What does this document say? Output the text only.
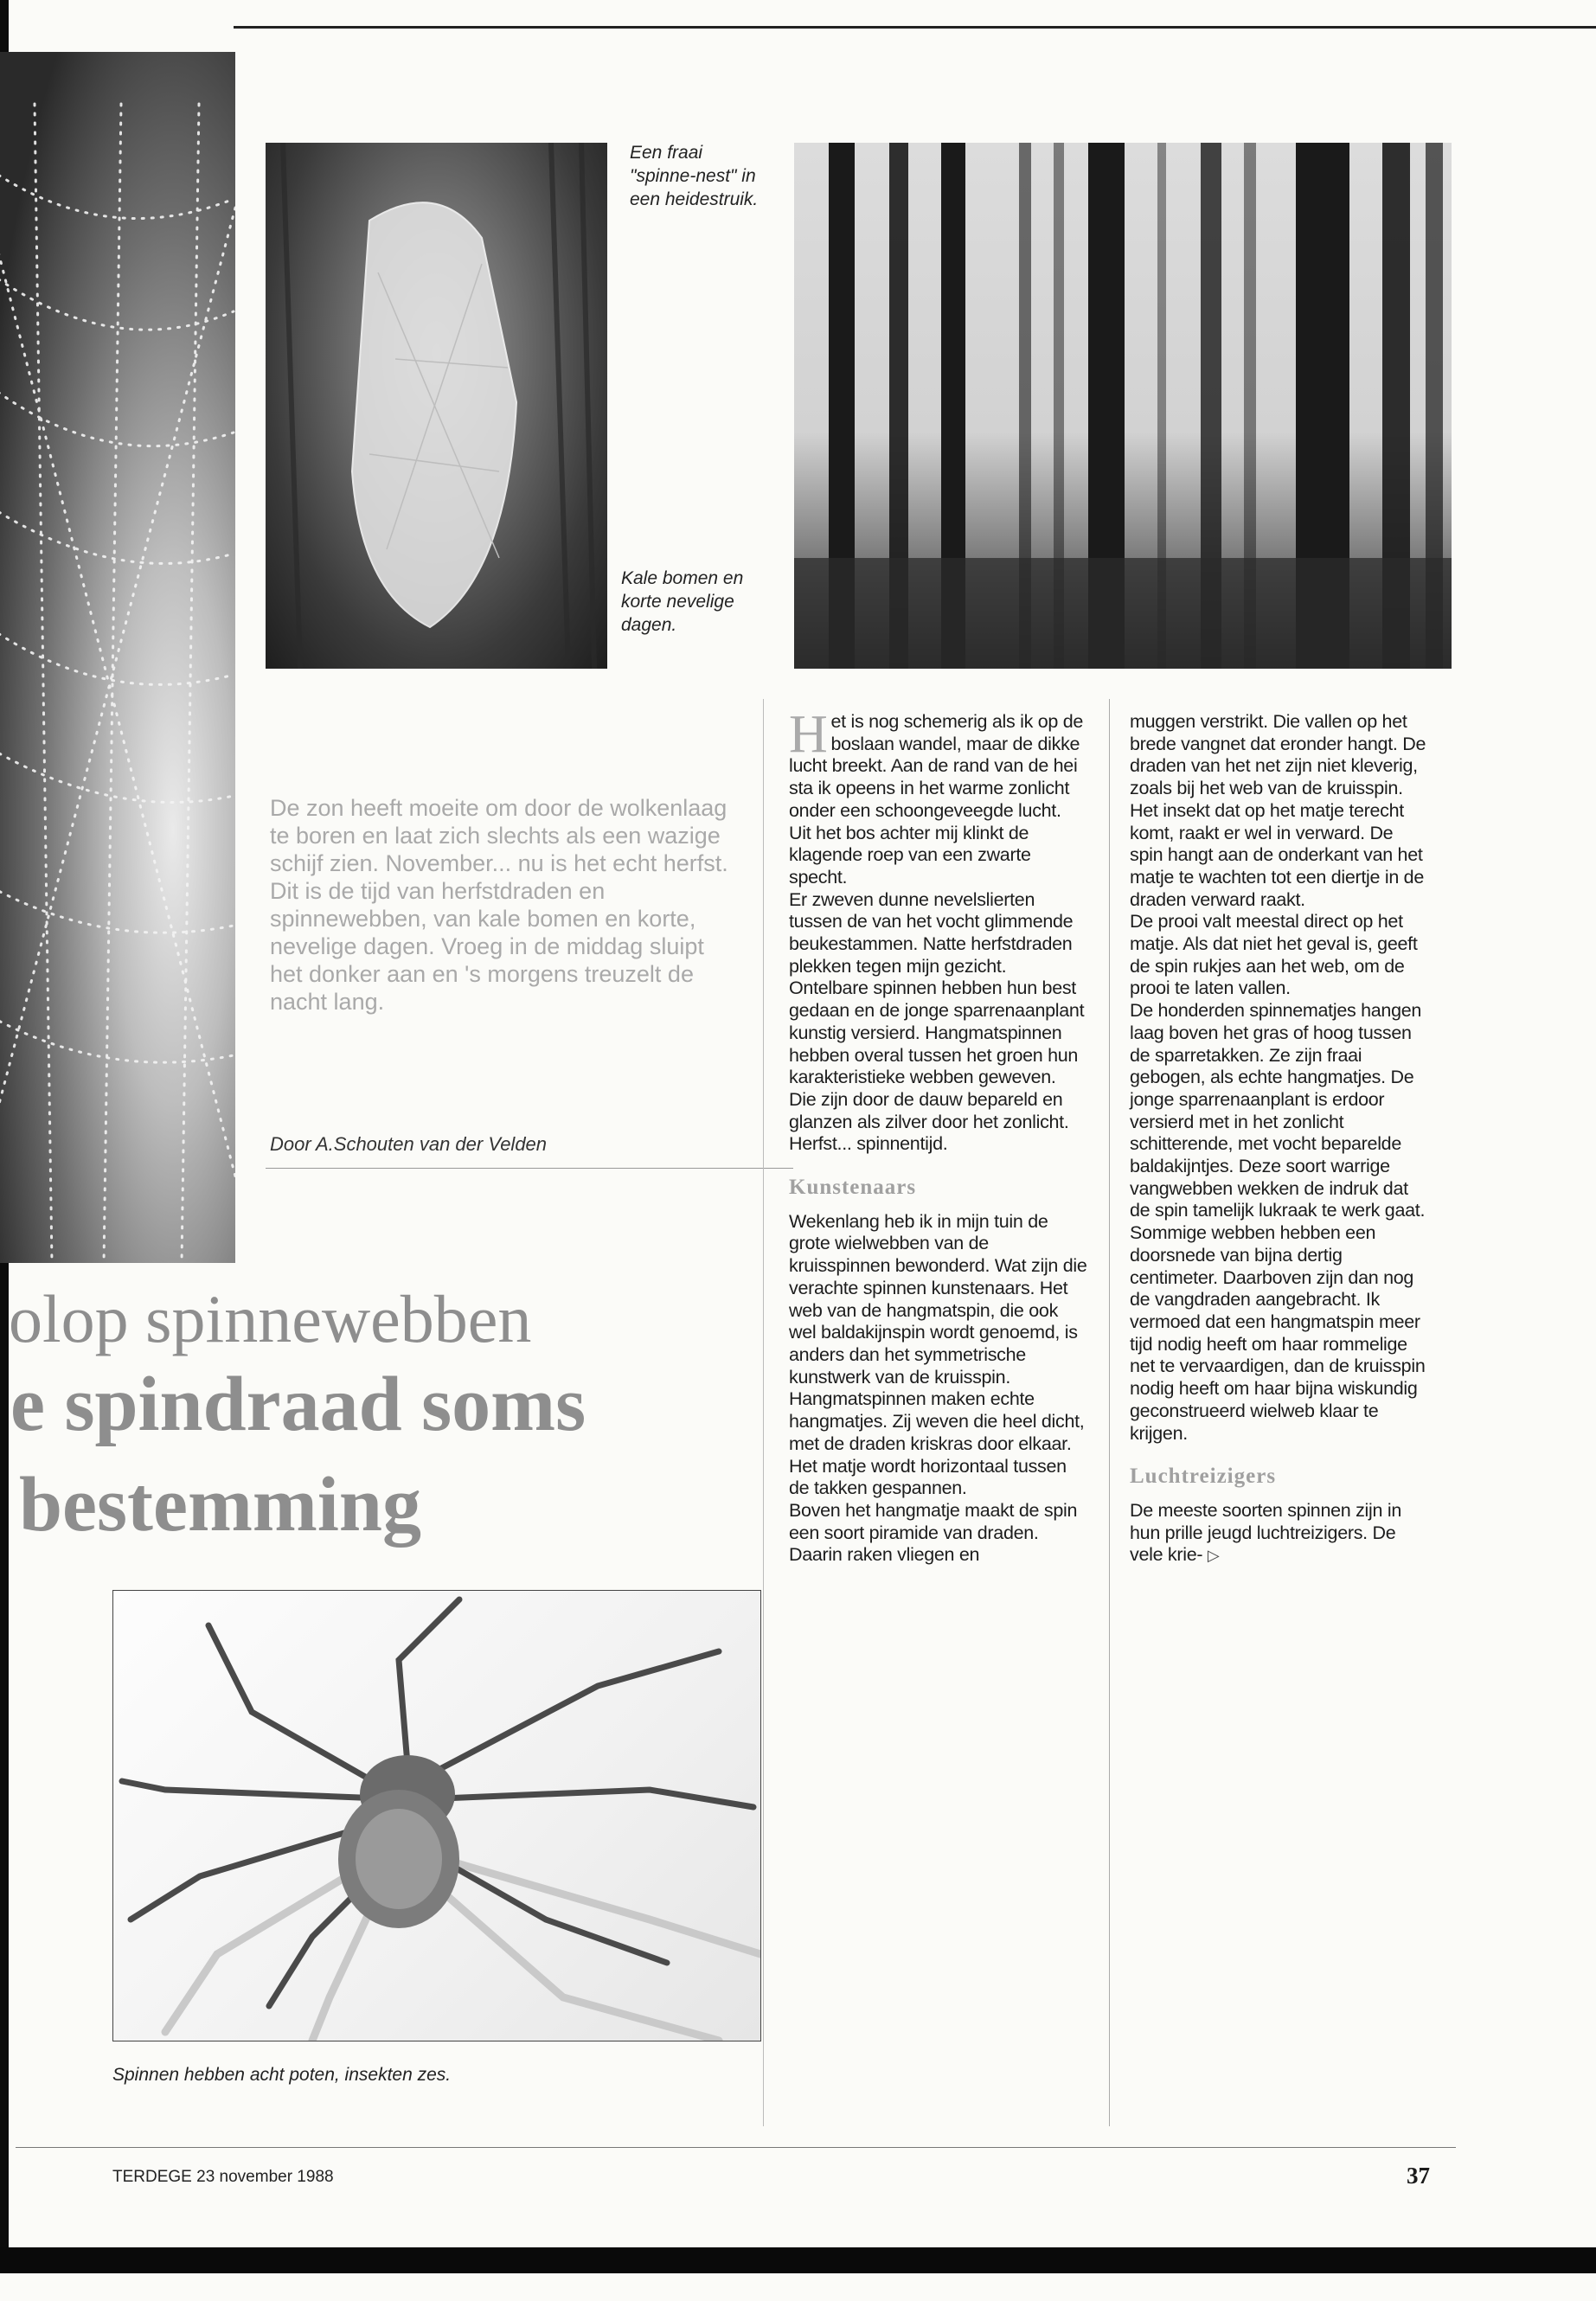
Een fraai "spinne-nest" in een heidestruik.
Kale bomen en korte nevelige dagen.
De zon heeft moeite om door de wolkenlaag te boren en laat zich slechts als een wazige schijf zien. November... nu is het echt herfst. Dit is de tijd van herfstdraden en spinnewebben, van kale bomen en korte, nevelige dagen. Vroeg in de middag sluipt het donker aan en 's morgens treuzelt de nacht lang.
Door A.Schouten van der Velden
olop spinnewebben
e spindraad soms
bestemming
Spinnen hebben acht poten, insekten zes.

Het is nog schemerig als ik op de boslaan wandel, maar de dikke lucht breekt. Aan de rand van de hei sta ik opeens in het warme zonlicht onder een schoongeveegde lucht. Uit het bos achter mij klinkt de klagende roep van een zwarte specht.

Er zweven dunne nevelslierten tussen de van het vocht glimmende beukestammen. Natte herfstdraden plekken tegen mijn gezicht. Ontelbare spinnen hebben hun best gedaan en de jonge sparrenaanplant kunstig versierd. Hangmatspinnen hebben overal tussen het groen hun karakteristieke webben geweven. Die zijn door de dauw bepareld en glanzen als zilver door het zonlicht. Herfst... spinnentijd.

Kunstenaars

Wekenlang heb ik in mijn tuin de grote wielwebben van de kruisspinnen bewonderd. Wat zijn die verachte spinnen kunstenaars. Het web van de hangmatspin, die ook wel baldakijnspin wordt genoemd, is anders dan het symmetrische kunstwerk van de kruisspin. Hangmatspinnen maken echte hangmatjes. Zij weven die heel dicht, met de draden kriskras door elkaar. Het matje wordt horizontaal tussen de takken gespannen.

Boven het hangmatje maakt de spin een soort piramide van draden. Daarin raken vliegen en

muggen verstrikt. Die vallen op het brede vangnet dat eronder hangt. De draden van het net zijn niet kleverig, zoals bij het web van de kruisspin. Het insekt dat op het matje terecht komt, raakt er wel in verward. De spin hangt aan de onderkant van het matje te wachten tot een diertje in de draden verward raakt.

De prooi valt meestal direct op het matje. Als dat niet het geval is, geeft de spin rukjes aan het web, om de prooi te laten vallen.

De honderden spinnematjes hangen laag boven het gras of hoog tussen de sparretakken. Ze zijn fraai gebogen, als echte hangmatjes. De jonge sparrenaanplant is erdoor versierd met in het zonlicht schitterende, met vocht beparelde baldakijntjes. Deze soort warrige vangwebben wekken de indruk dat de spin tamelijk lukraak te werk gaat.

Sommige webben hebben een doorsnede van bijna dertig centimeter. Daarboven zijn dan nog de vangdraden aangebracht. Ik vermoed dat een hangmatspin meer tijd nodig heeft om haar rommelige net te vervaardigen, dan de kruisspin nodig heeft om haar bijna wiskundig geconstrueerd wielweb klaar te krijgen.

Luchtreizigers

De meeste soorten spinnen zijn in hun prille jeugd luchtreizigers. De vele krie- ▷

TERDEGE 23 november 1988	37
